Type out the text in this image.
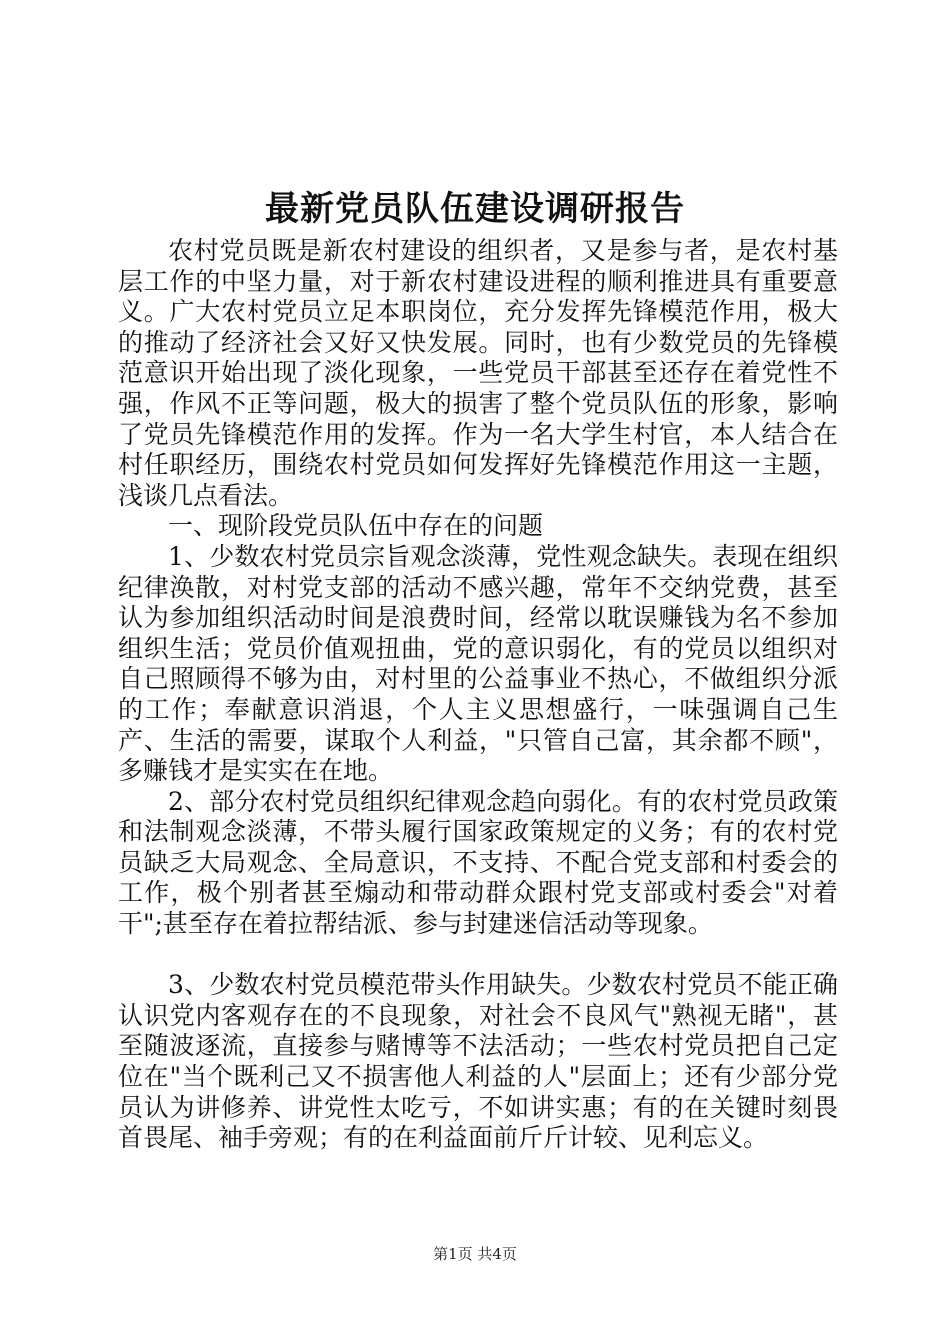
最新党员队伍建设调研报告

农村党员既是新农村建设的组织者，又是参与者，是农村基层工作的中坚力量，对于新农村建设进程的顺利推进具有重要意义。广大农村党员立足本职岗位，充分发挥先锋模范作用，极大的推动了经济社会又好又快发展。同时，也有少数党员的先锋模范意识开始出现了淡化现象，一些党员干部甚至还存在着党性不强，作风不正等问题，极大的损害了整个党员队伍的形象，影响了党员先锋模范作用的发挥。作为一名大学生村官，本人结合在村任职经历，围绕农村党员如何发挥好先锋模范作用这一主题，浅谈几点看法。

一、现阶段党员队伍中存在的问题

1、少数农村党员宗旨观念淡薄，党性观念缺失。表现在组织纪律涣散，对村党支部的活动不感兴趣，常年不交纳党费，甚至认为参加组织活动时间是浪费时间，经常以耽误赚钱为名不参加组织生活；党员价值观扭曲，党的意识弱化，有的党员以组织对自己照顾得不够为由，对村里的公益事业不热心，不做组织分派的工作；奉献意识消退，个人主义思想盛行，一味强调自己生产、生活的需要，谋取个人利益，"只管自己富，其余都不顾"，多赚钱才是实实在在地。

2、部分农村党员组织纪律观念趋向弱化。有的农村党员政策和法制观念淡薄，不带头履行国家政策规定的义务；有的农村党员缺乏大局观念、全局意识，不支持、不配合党支部和村委会的工作，极个别者甚至煽动和带动群众跟村党支部或村委会"对着干";甚至存在着拉帮结派、参与封建迷信活动等现象。

3、少数农村党员模范带头作用缺失。少数农村党员不能正确认识党内客观存在的不良现象，对社会不良风气"熟视无睹"，甚至随波逐流，直接参与赌博等不法活动；一些农村党员把自己定位在"当个既利己又不损害他人利益的人"层面上；还有少部分党员认为讲修养、讲党性太吃亏，不如讲实惠；有的在关键时刻畏首畏尾、袖手旁观；有的在利益面前斤斤计较、见利忘义。

第1页 共4页
